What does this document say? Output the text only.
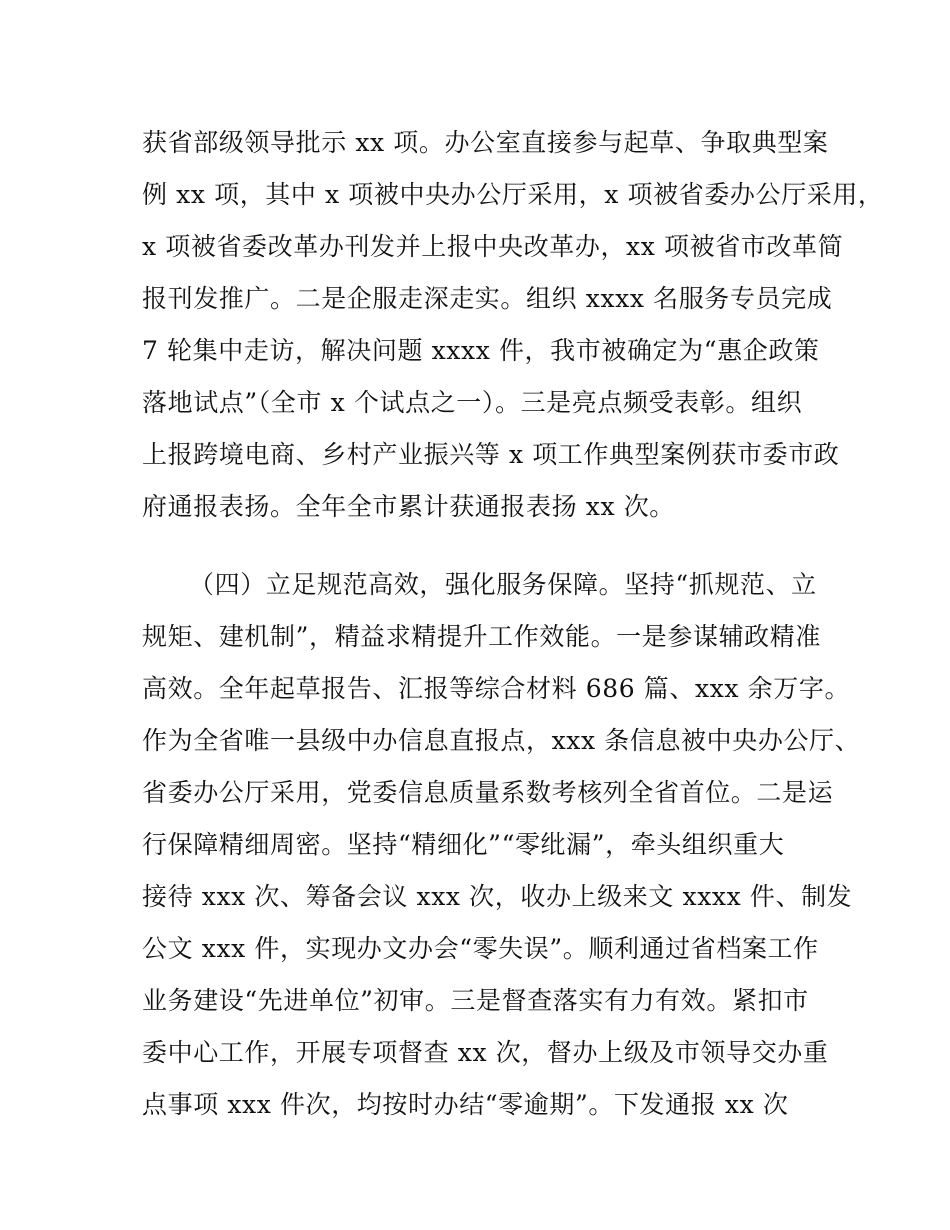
获省部级领导批示 xx 项。办公室直接参与起草、争取典型案
例 xx 项，其中 x 项被中央办公厅采用，x 项被省委办公厅采用，
x 项被省委改革办刊发并上报中央改革办，xx 项被省市改革简
报刊发推广。二是企服走深走实。组织 xxxx 名服务专员完成
7 轮集中走访，解决问题 xxxx 件，我市被确定为“惠企政策
落地试点”（全市 x 个试点之一）。三是亮点频受表彰。组织
上报跨境电商、乡村产业振兴等 x 项工作典型案例获市委市政
府通报表扬。全年全市累计获通报表扬 xx 次。
（四）立足规范高效，强化服务保障。坚持“抓规范、立
规矩、建机制”，精益求精提升工作效能。一是参谋辅政精准
高效。全年起草报告、汇报等综合材料 686 篇、xxx 余万字。
作为全省唯一县级中办信息直报点，xxx 条信息被中央办公厅、
省委办公厅采用，党委信息质量系数考核列全省首位。二是运
行保障精细周密。坚持“精细化”“零纰漏”，牵头组织重大
接待 xxx 次、筹备会议 xxx 次，收办上级来文 xxxx 件、制发
公文 xxx 件，实现办文办会“零失误”。顺利通过省档案工作
业务建设“先进单位”初审。三是督查落实有力有效。紧扣市
委中心工作，开展专项督查 xx 次，督办上级及市领导交办重
点事项 xxx 件次，均按时办结“零逾期”。下发通报 xx 次
